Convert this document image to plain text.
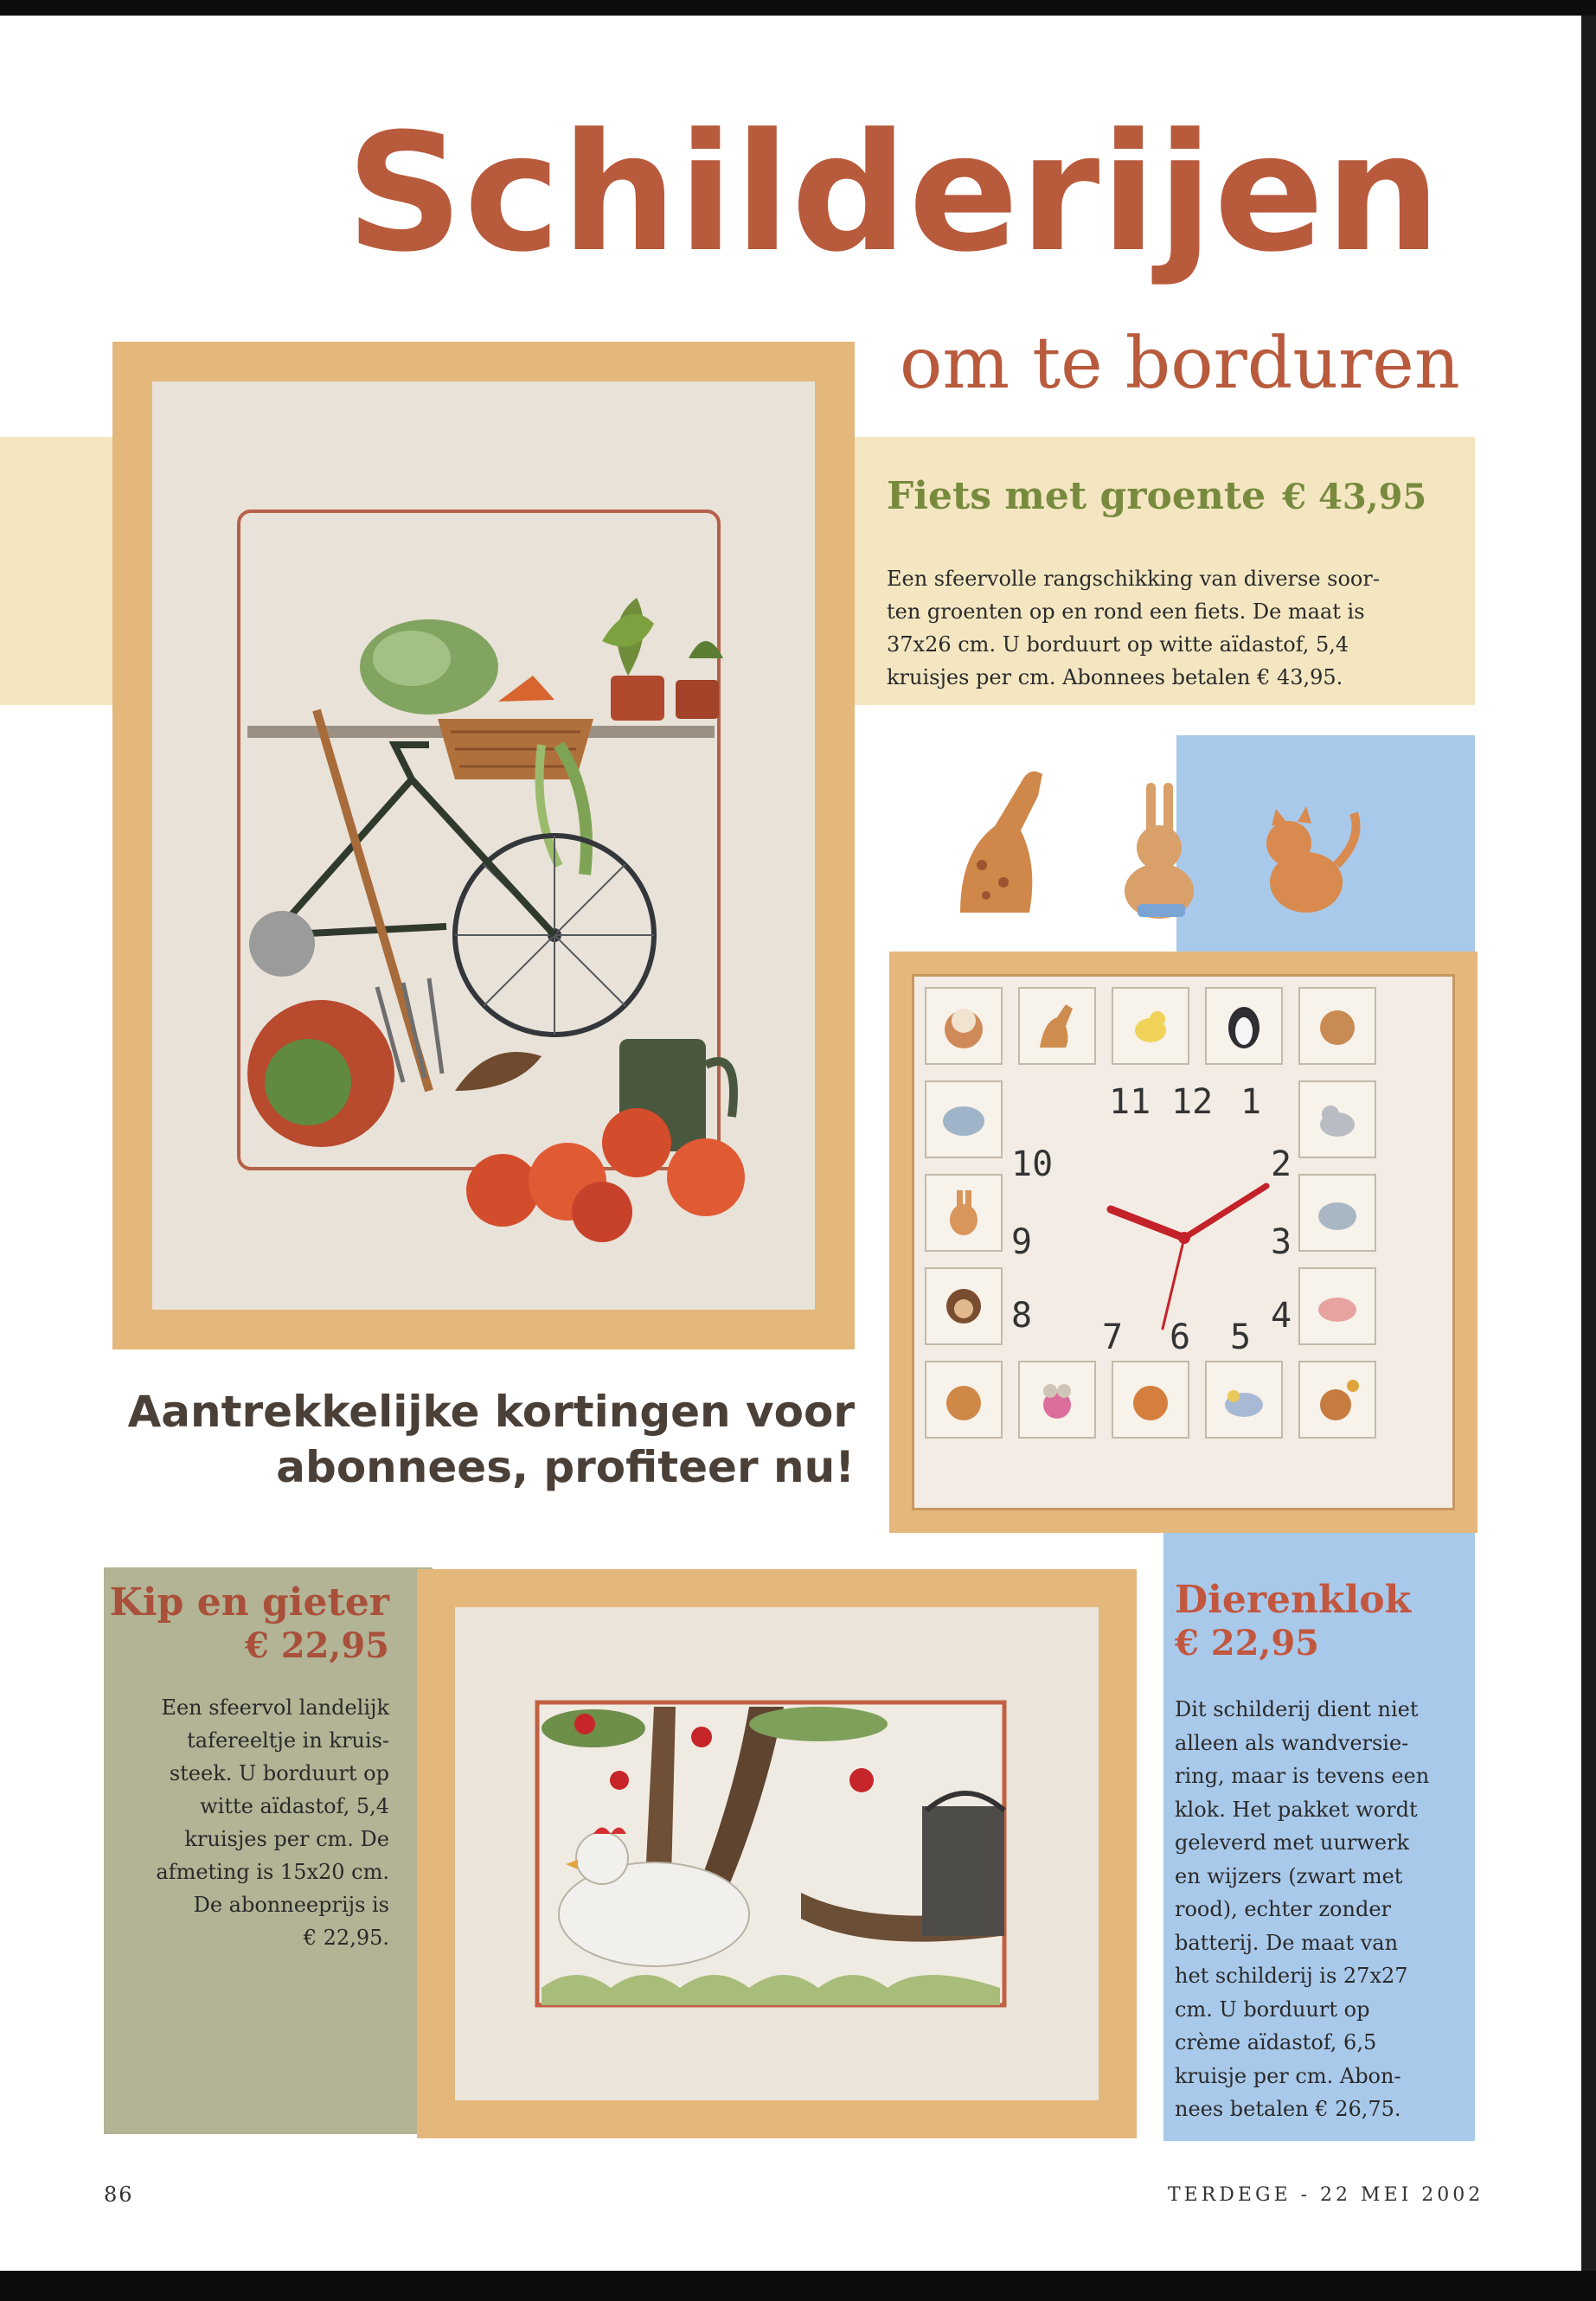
Schilderijen
om te borduren
Fiets met groente € 43,95
Een sfeervolle rangschikking van diverse soor-
ten groenten op en rond een fiets. De maat is
37x26 cm. U borduurt op witte aïdastof, 5,4
kruisjes per cm. Abonnees betalen € 43,95.
11 12 1
10	2
9	3
8	4
7 6 5
Aantrekkelijke kortingen voor
abonnees, profiteer nu!
Kip en gieter
€ 22,95
Een sfeervol landelijk
tafereeltje in kruis-
steek. U borduurt op
witte aïdastof, 5,4
kruisjes per cm. De
afmeting is 15x20 cm.
De abonneeprijs is
€ 22,95.
Dierenklok
€ 22,95
Dit schilderij dient niet
alleen als wandversie-
ring, maar is tevens een
klok. Het pakket wordt
geleverd met uurwerk
en wijzers (zwart met
rood), echter zonder
batterij. De maat van
het schilderij is 27x27
cm. U borduurt op
crème aïdastof, 6,5
kruisje per cm. Abon-
nees betalen € 26,75.
86	TERDEGE - 22 MEI 2002
